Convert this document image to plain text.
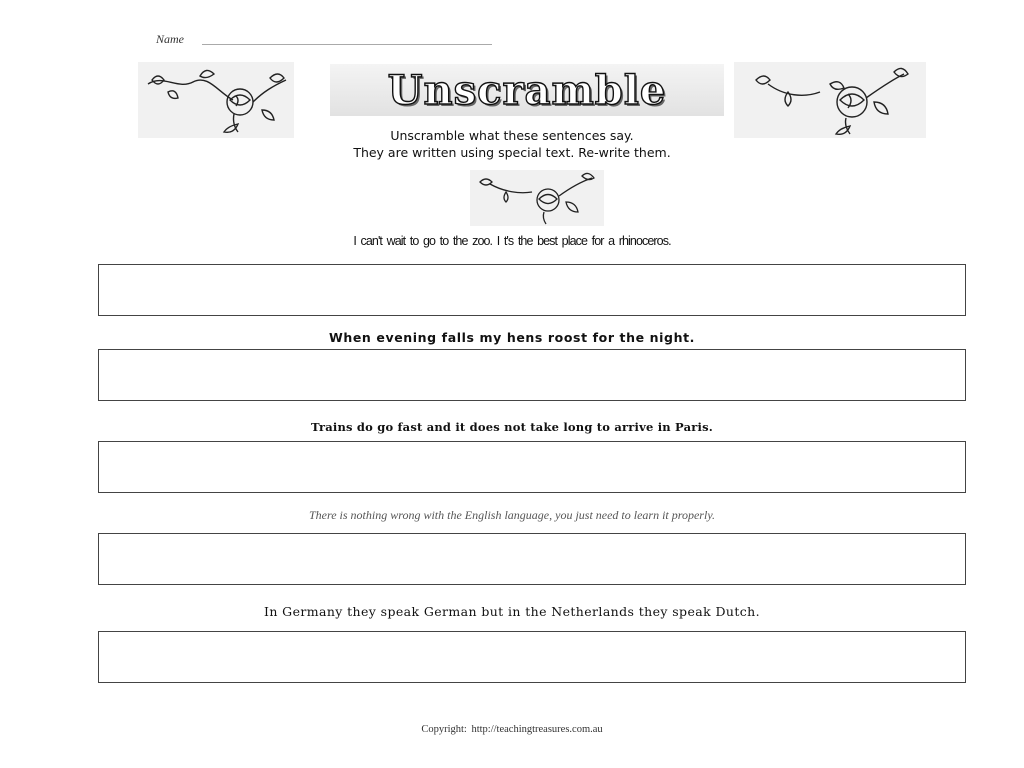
Name
Unscramble
Unscramble what these sentences say.
They are written using special text. Re-write them.
I can't wait to go to the zoo. I t's the best place for a rhinoceros.
When evening falls my hens roost for the night.
Trains do go fast and it does not take long to arrive in Paris.
There is nothing wrong with the English language, you just need to learn it properly.
In Germany they speak German but in the Netherlands they speak Dutch.
Copyright: http://teachingtreasures.com.au
